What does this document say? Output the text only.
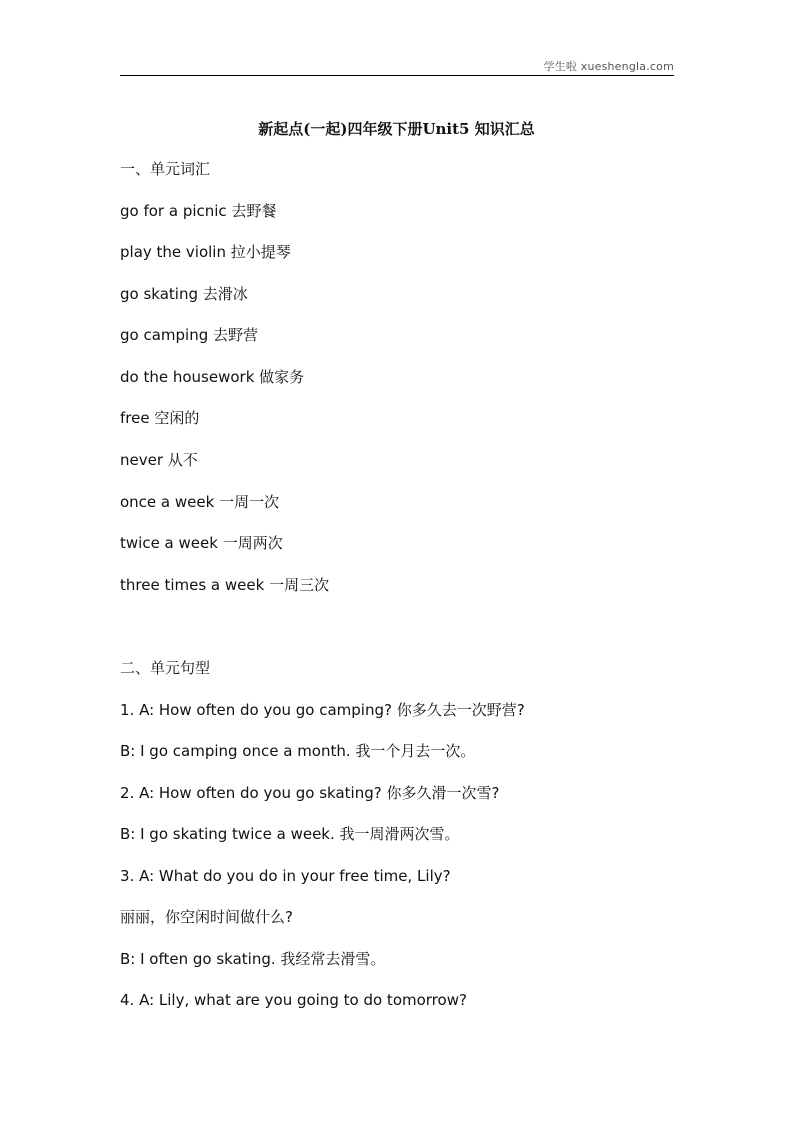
学生啦 xueshengla.com
新起点(一起)四年级下册Unit5 知识汇总
一、单元词汇
go for a picnic 去野餐
play the violin 拉小提琴
go skating 去滑冰
go camping 去野营
do the housework 做家务
free 空闲的
never 从不
once a week 一周一次
twice a week 一周两次
three times a week 一周三次
二、单元句型
1. A: How often do you go camping? 你多久去一次野营?
B: I go camping once a month. 我一个月去一次。
2. A: How often do you go skating? 你多久滑一次雪?
B: I go skating twice a week. 我一周滑两次雪。
3. A: What do you do in your free time, Lily?
丽丽，你空闲时间做什么?
B: I often go skating. 我经常去滑雪。
4. A: Lily, what are you going to do tomorrow?
